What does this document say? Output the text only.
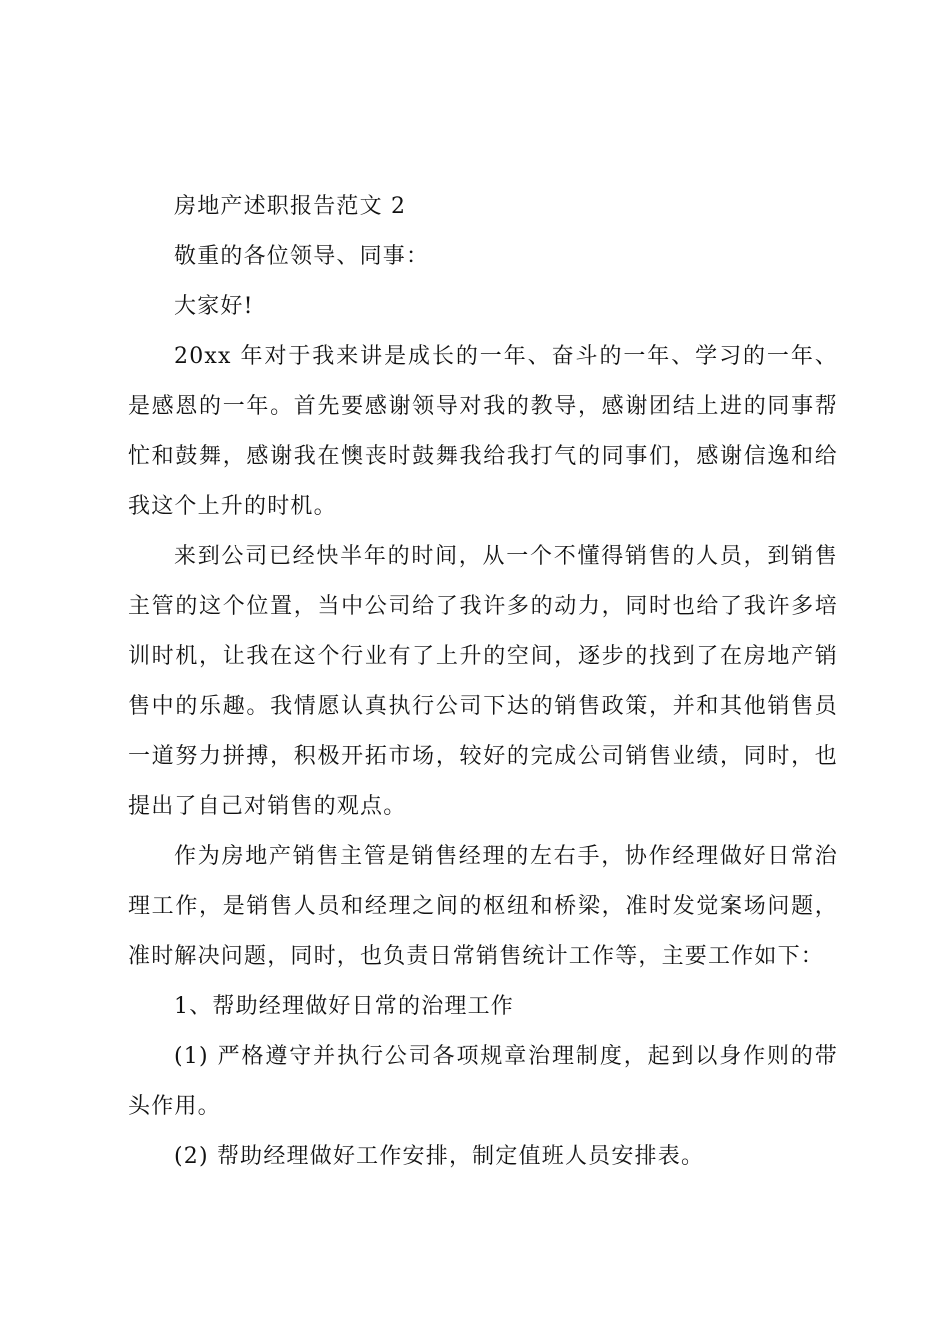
房地产述职报告范文 2

敬重的各位领导、同事：

大家好!

20xx 年对于我来讲是成长的一年、奋斗的一年、学习的一年、是感恩的一年。首先要感谢领导对我的教导，感谢团结上进的同事帮忙和鼓舞，感谢我在懊丧时鼓舞我给我打气的同事们，感谢信逸和给我这个上升的时机。

来到公司已经快半年的时间，从一个不懂得销售的人员，到销售主管的这个位置，当中公司给了我许多的动力，同时也给了我许多培训时机，让我在这个行业有了上升的空间，逐步的找到了在房地产销售中的乐趣。我情愿认真执行公司下达的销售政策，并和其他销售员一道努力拼搏，积极开拓市场，较好的完成公司销售业绩，同时，也提出了自己对销售的观点。

作为房地产销售主管是销售经理的左右手，协作经理做好日常治理工作，是销售人员和经理之间的枢纽和桥梁，准时发觉案场问题，准时解决问题，同时，也负责日常销售统计工作等，主要工作如下：

1、帮助经理做好日常的治理工作

(1) 严格遵守并执行公司各项规章治理制度，起到以身作则的带头作用。

(2) 帮助经理做好工作安排，制定值班人员安排表。
